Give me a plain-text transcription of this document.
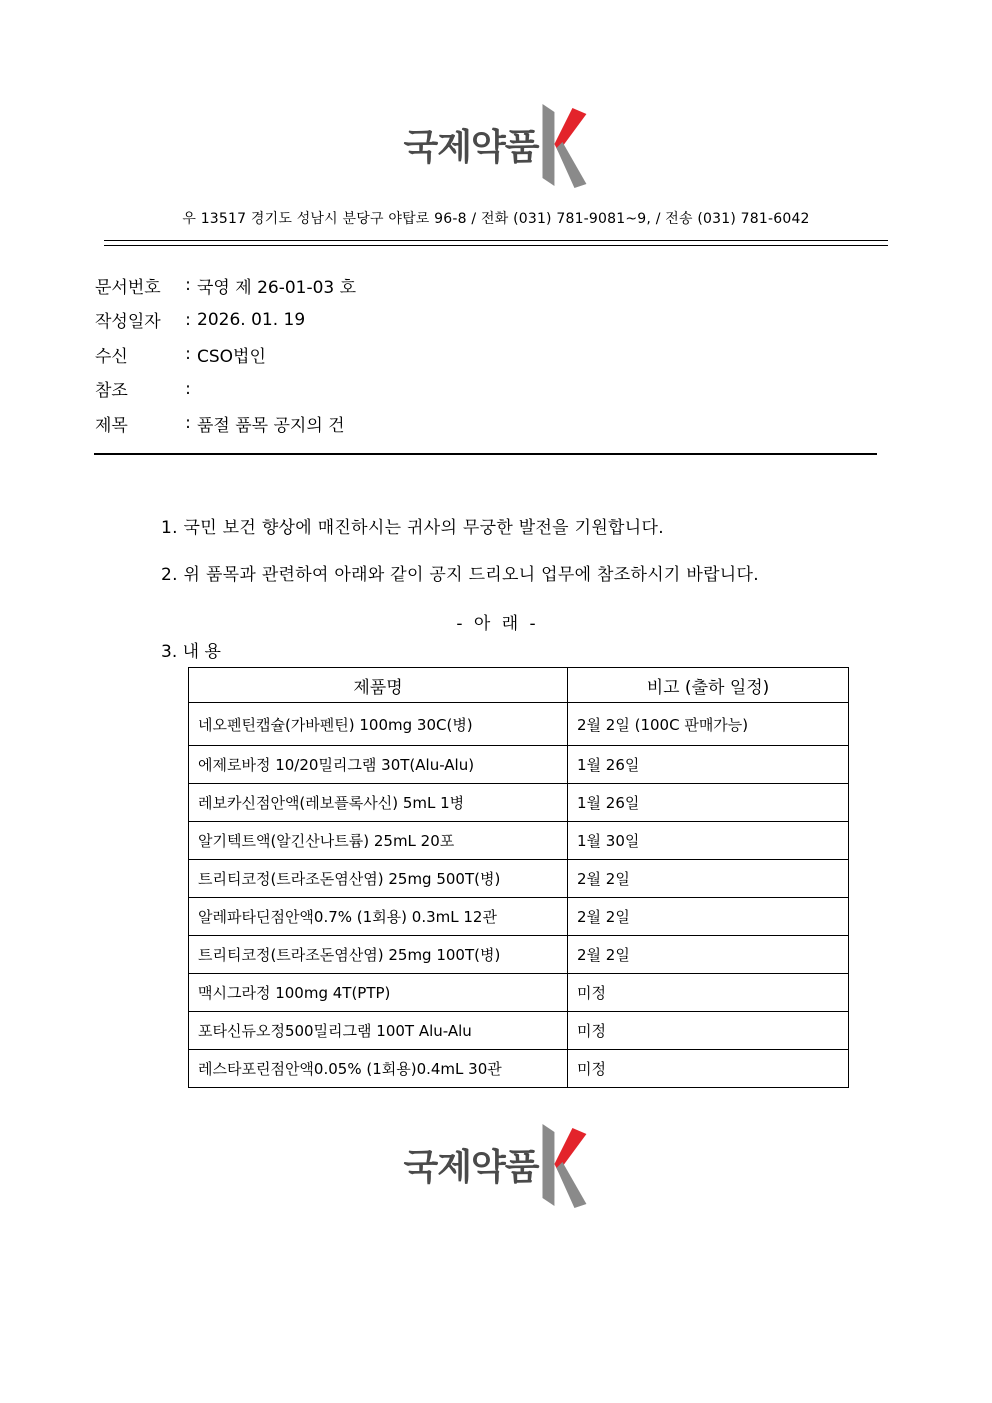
국제약품
우 13517 경기도 성남시 분당구 야탑로 96-8 / 전화 (031) 781-9081~9, / 전송 (031) 781-6042
문서번호	: 국영 제 26-01-03 호
작성일자	: 2026. 01. 19
수신	: CSO법인
참조	:
제목	: 품절 품목 공지의 건
1. 국민 보건 향상에 매진하시는 귀사의 무궁한 발전을 기원합니다.
2. 위 품목과 관련하여 아래와 같이 공지 드리오니 업무에 참조하시기 바랍니다.
- 아 래 -
3. 내 용
제품명	비고 (출하 일정)
네오펜틴캡슐(가바펜틴) 100mg 30C(병)	2월 2일 (100C 판매가능)
에제로바정 10/20밀리그램 30T(Alu-Alu)	1월 26일
레보카신점안액(레보플록사신) 5mL 1병	1월 26일
알기텍트액(알긴산나트륨) 25mL 20포	1월 30일
트리티코정(트라조돈염산염) 25mg 500T(병)	2월 2일
알레파타딘점안액0.7% (1회용) 0.3mL 12관	2월 2일
트리티코정(트라조돈염산염) 25mg 100T(병)	2월 2일
맥시그라정 100mg 4T(PTP)	미정
포타신듀오정500밀리그램 100T Alu-Alu	미정
레스타포린점안액0.05% (1회용)0.4mL 30관	미정
국제약품
